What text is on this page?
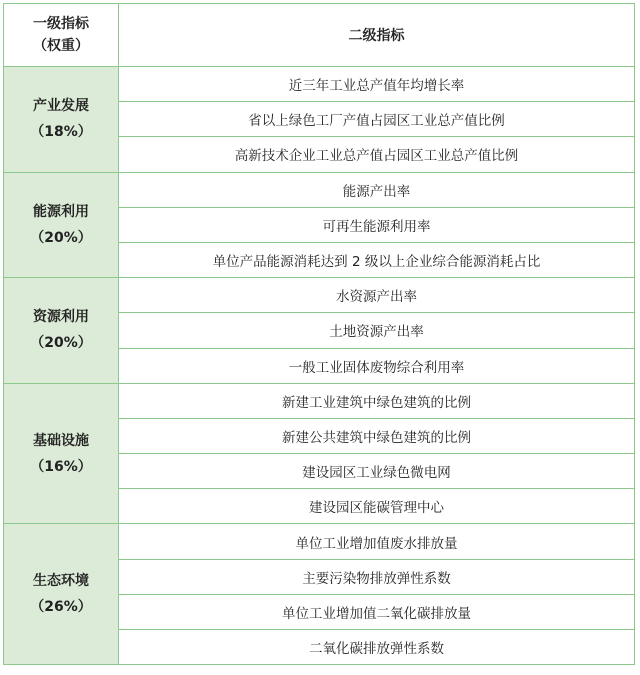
一级指标
（权重）	二级指标

产业发展
（18%）	近三年工业总产值年均增长率
	省以上绿色工厂产值占园区工业总产值比例
	高新技术企业工业总产值占园区工业总产值比例

能源利用
（20%）	能源产出率
	可再生能源利用率
	单位产品能源消耗达到 2 级以上企业综合能源消耗占比

资源利用
（20%）	水资源产出率
	土地资源产出率
	一般工业固体废物综合利用率

基础设施
（16%）	新建工业建筑中绿色建筑的比例
	新建公共建筑中绿色建筑的比例
	建设园区工业绿色微电网
	建设园区能碳管理中心

生态环境
（26%）	单位工业增加值废水排放量
	主要污染物排放弹性系数
	单位工业增加值二氧化碳排放量
	二氧化碳排放弹性系数
